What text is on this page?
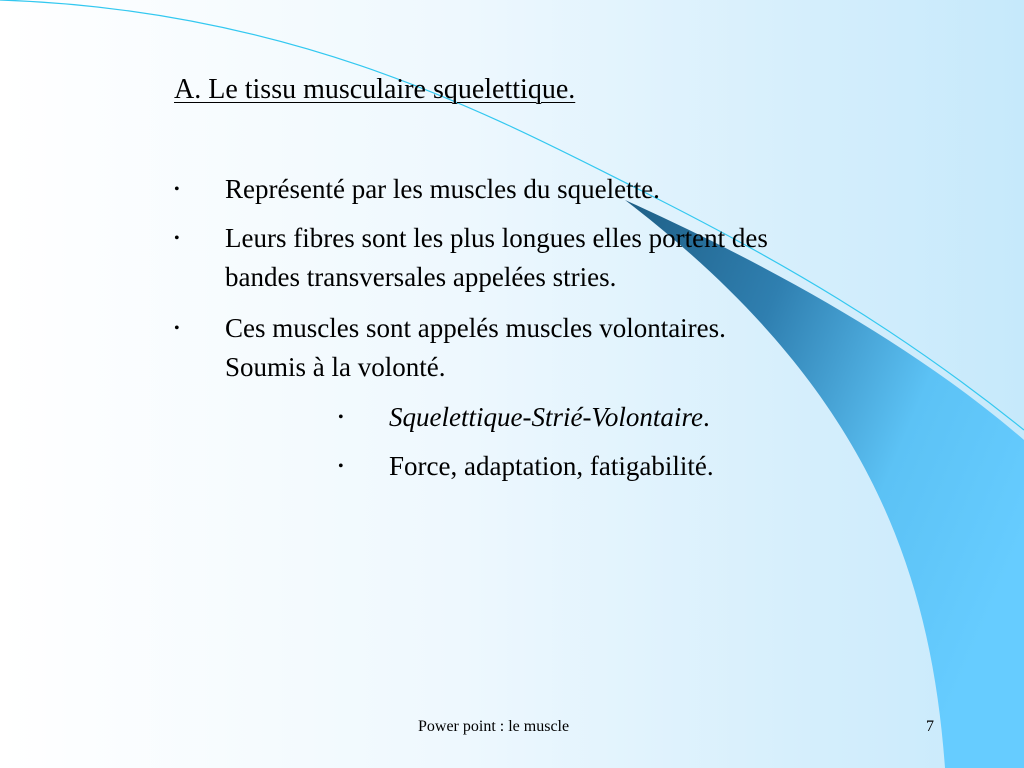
A. Le tissu musculaire squelettique.
• Représenté par les muscles du squelette.
• Leurs fibres sont les plus longues elles portent des
bandes transversales appelées stries.
• Ces muscles sont appelés muscles volontaires.
Soumis à la volonté.
• Squelettique-Strié-Volontaire.
• Force, adaptation, fatigabilité.
Power point : le muscle	7
